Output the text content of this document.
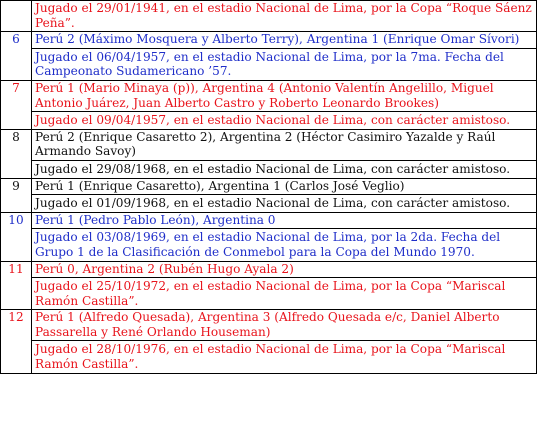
	Jugado el 29/01/1941, en el estadio Nacional de Lima, por la Copa “Roque Sáenz Peña”.

6	Perú 2 (Máximo Mosquera y Alberto Terry), Argentina 1 (Enrique Omar Sívori)
Jugado el 06/04/1957, en el estadio Nacional de Lima, por la 7ma. Fecha del Campeonato Sudamericano ’57.

7	Perú 1 (Mario Minaya (p)), Argentina 4 (Antonio Valentín Angelillo, Miguel Antonio Juárez, Juan Alberto Castro y Roberto Leonardo Brookes)
Jugado el 09/04/1957, en el estadio Nacional de Lima, con carácter amistoso.

8	Perú 2 (Enrique Casaretto 2), Argentina 2 (Héctor Casimiro Yazalde y Raúl Armando Savoy)
Jugado el 29/08/1968, en el estadio Nacional de Lima, con carácter amistoso.

9	Perú 1 (Enrique Casaretto), Argentina 1 (Carlos José Veglio)
Jugado el 01/09/1968, en el estadio Nacional de Lima, con carácter amistoso.

10	Perú 1 (Pedro Pablo León), Argentina 0
Jugado el 03/08/1969, en el estadio Nacional de Lima, por la 2da. Fecha del Grupo 1 de la Clasificación de Conmebol para la Copa del Mundo 1970.

11	Perú 0, Argentina 2 (Rubén Hugo Ayala 2)
Jugado el 25/10/1972, en el estadio Nacional de Lima, por la Copa “Mariscal Ramón Castilla”.

12	Perú 1 (Alfredo Quesada), Argentina 3 (Alfredo Quesada e/c, Daniel Alberto Passarella y René Orlando Houseman)
Jugado el 28/10/1976, en el estadio Nacional de Lima, por la Copa “Mariscal Ramón Castilla”.
